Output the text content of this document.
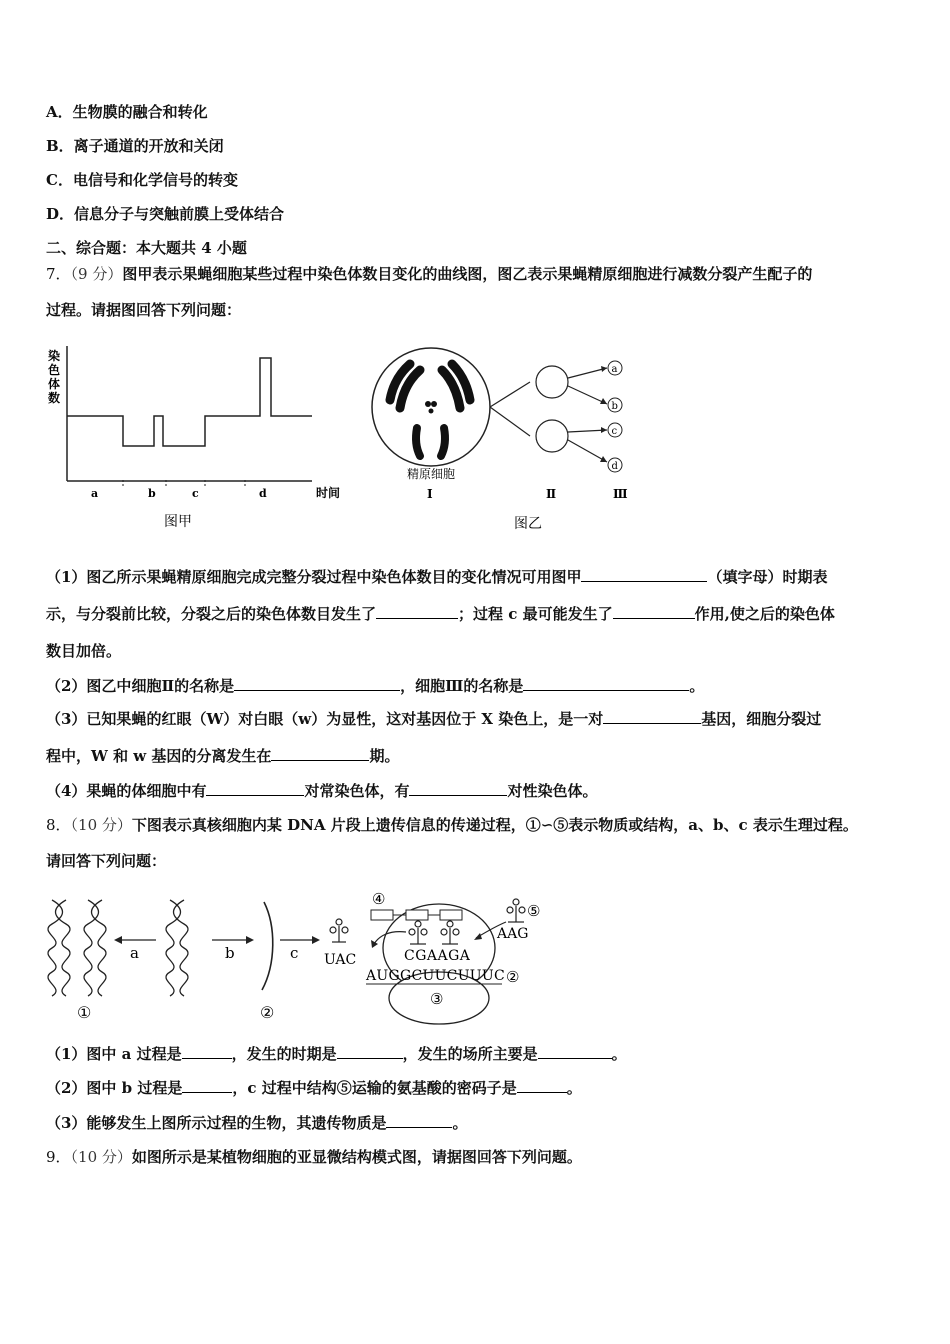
A．生物膜的融合和转化
B．离子通道的开放和关闭
C．电信号和化学信号的转变
D．信息分子与突触前膜上受体结合
二、综合题：本大题共 4 小题
7．（9 分）图甲表示果蝇细胞某些过程中染色体数目变化的曲线图，图乙表示果蝇精原细胞进行减数分裂产生配子的
过程。请据图回答下列问题：
染
色
体
数
a	b	c	d	时间
图甲
a
b
c
d
精原细胞
Ⅰ	Ⅱ	Ⅲ
图乙
（1）图乙所示果蝇精原细胞完成完整分裂过程中染色体数目的变化情况可用图甲	（填字母）时期表
示，与分裂前比较，分裂之后的染色体数目发生了	；过程 c 最可能发生了	作用,使之后的染色体
数目加倍。
（2）图乙中细胞Ⅱ的名称是	，细胞Ⅲ的名称是	。
（3）已知果蝇的红眼（W）对白眼（w）为显性，这对基因位于 X 染色上，是一对	基因，细胞分裂过
程中，W 和 w 基因的分离发生在	期。
（4）果蝇的体细胞中有	对常染色体，有	对性染色体。
8．（10 分）下图表示真核细胞内某 DNA 片段上遗传信息的传递过程，①∽⑤表示物质或结构，a、b、c 表示生理过程。
请回答下列问题：
a	b	c UAC
③
④
⑤
AAG
CGAAGA
AUGGCUUCUUUC ②
①	②
（1）图中 a 过程是	，发生的时期是	，发生的场所主要是	。
（2）图中 b 过程是	，c 过程中结构⑤运输的氨基酸的密码子是	。
（3）能够发生上图所示过程的生物，其遗传物质是	。
9．（10 分）如图所示是某植物细胞的亚显微结构模式图，请据图回答下列问题。
